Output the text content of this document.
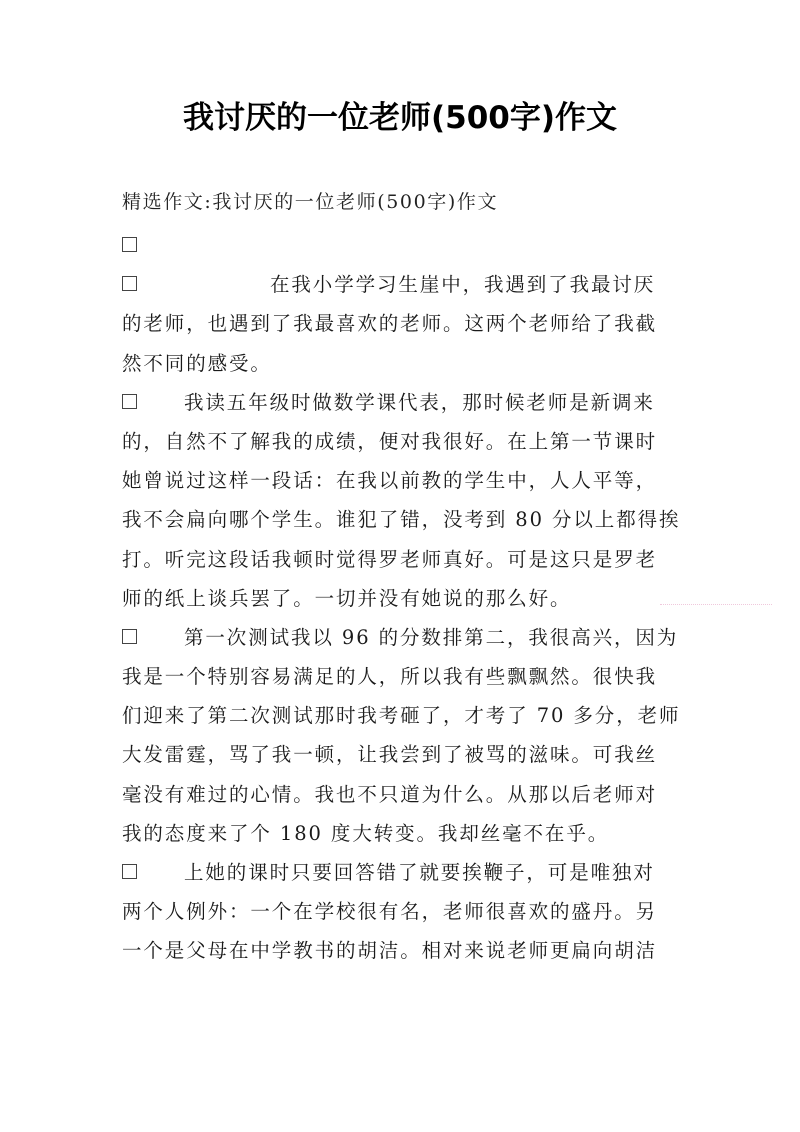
我讨厌的一位老师(500字)作文
精选作文:我讨厌的一位老师(500字)作文
在我小学学习生崖中，我遇到了我最讨厌
的老师，也遇到了我最喜欢的老师。这两个老师给了我截
然不同的感受。
我读五年级时做数学课代表，那时候老师是新调来
的，自然不了解我的成绩，便对我很好。在上第一节课时
她曾说过这样一段话：在我以前教的学生中，人人平等，
我不会扁向哪个学生。谁犯了错，没考到 80 分以上都得挨
打。听完这段话我顿时觉得罗老师真好。可是这只是罗老
师的纸上谈兵罢了。一切并没有她说的那么好。
第一次测试我以 96 的分数排第二，我很高兴，因为
我是一个特别容易满足的人，所以我有些飘飘然。很快我
们迎来了第二次测试那时我考砸了，才考了 70 多分，老师
大发雷霆，骂了我一顿，让我尝到了被骂的滋味。可我丝
毫没有难过的心情。我也不只道为什么。从那以后老师对
我的态度来了个 180 度大转变。我却丝毫不在乎。
上她的课时只要回答错了就要挨鞭子，可是唯独对
两个人例外：一个在学校很有名，老师很喜欢的盛丹。另
一个是父母在中学教书的胡洁。相对来说老师更扁向胡洁
